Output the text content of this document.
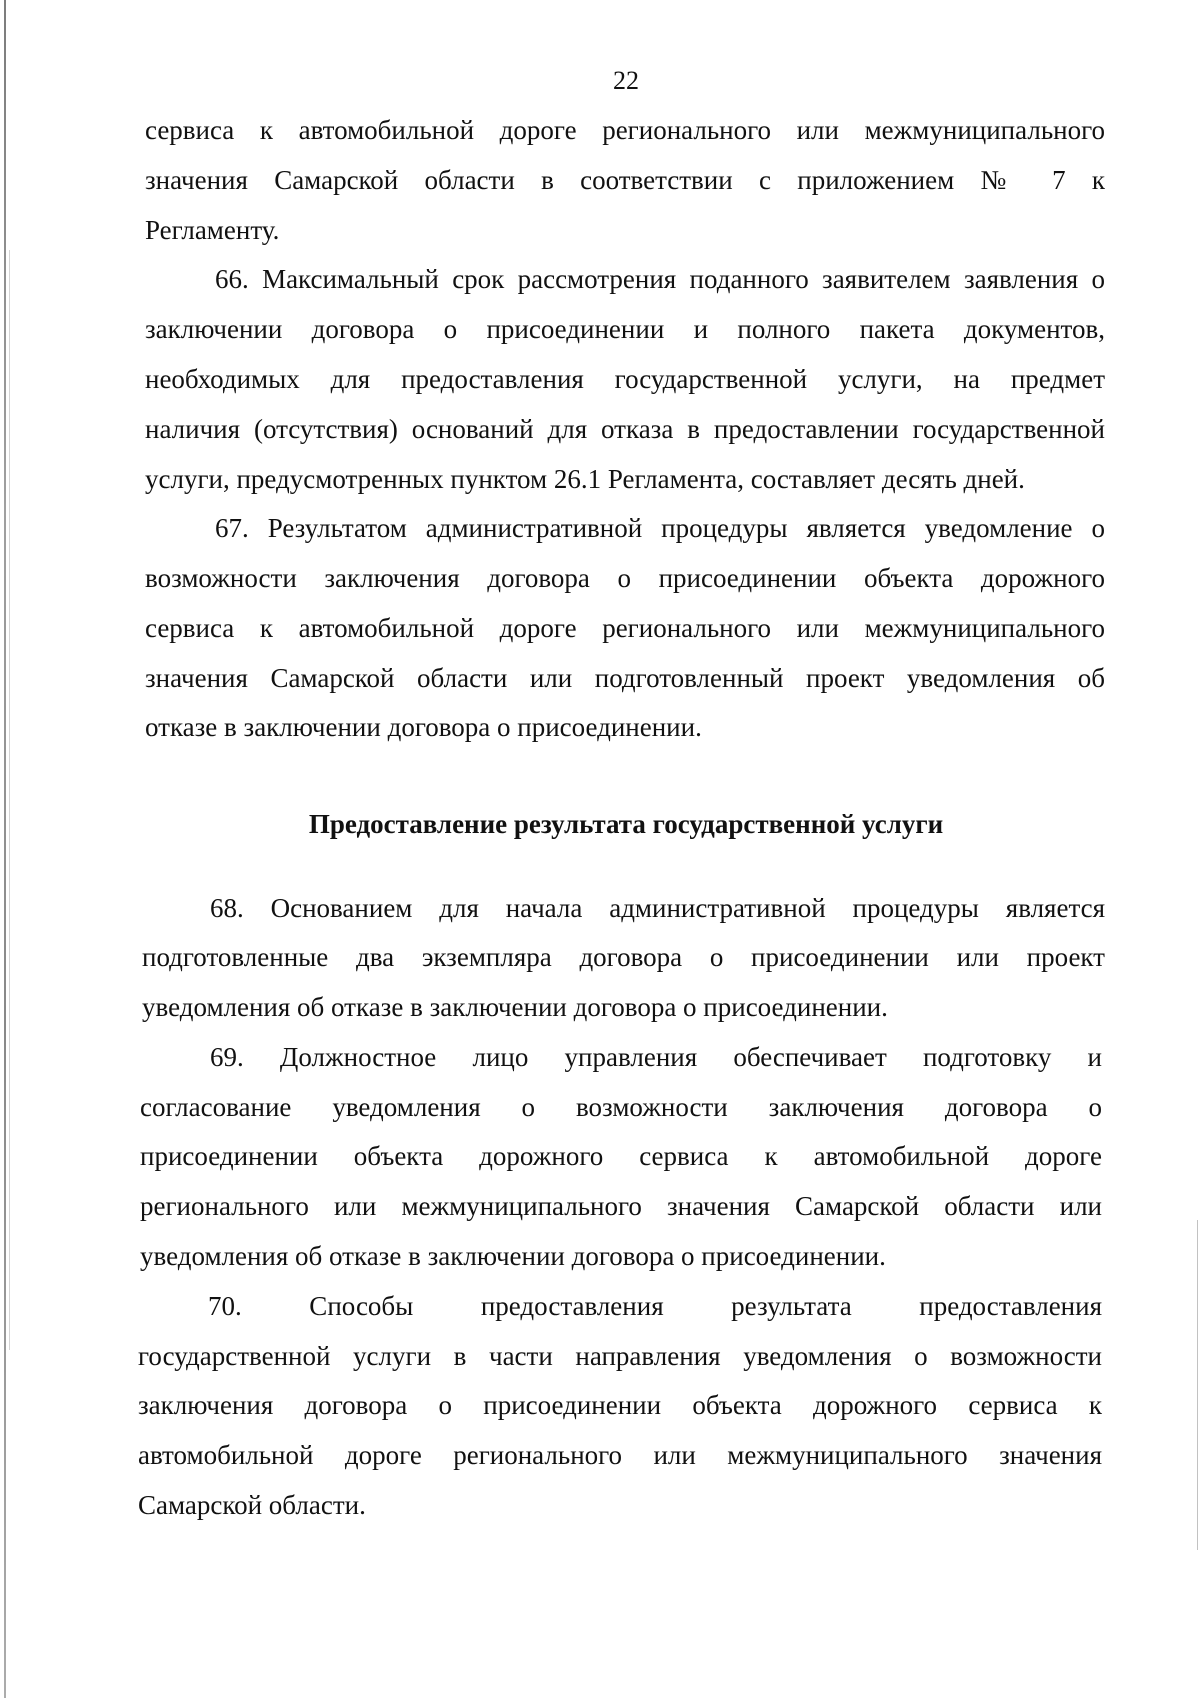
22
сервиса к автомобильной дороге регионального или межмуниципального
значения Самарской области в соответствии с приложением № 7 к
Регламенту.
66. Максимальный срок рассмотрения поданного заявителем заявления о
заключении договора о присоединении и полного пакета документов,
необходимых для предоставления государственной услуги, на предмет
наличия (отсутствия) оснований для отказа в предоставлении государственной
услуги, предусмотренных пунктом 26.1 Регламента, составляет десять дней.
67. Результатом административной процедуры является уведомление о
возможности заключения договора о присоединении объекта дорожного
сервиса к автомобильной дороге регионального или межмуниципального
значения Самарской области или подготовленный проект уведомления об
отказе в заключении договора о присоединении.
Предоставление результата государственной услуги
68. Основанием для начала административной процедуры является
подготовленные два экземпляра договора о присоединении или проект
уведомления об отказе в заключении договора о присоединении.
69. Должностное лицо управления обеспечивает подготовку и
согласование уведомления о возможности заключения договора о
присоединении объекта дорожного сервиса к автомобильной дороге
регионального или межмуниципального значения Самарской области или
уведомления об отказе в заключении договора о присоединении.
70. Способы предоставления результата предоставления
государственной услуги в части направления уведомления о возможности
заключения договора о присоединении объекта дорожного сервиса к
автомобильной дороге регионального или межмуниципального значения
Самарской области.
